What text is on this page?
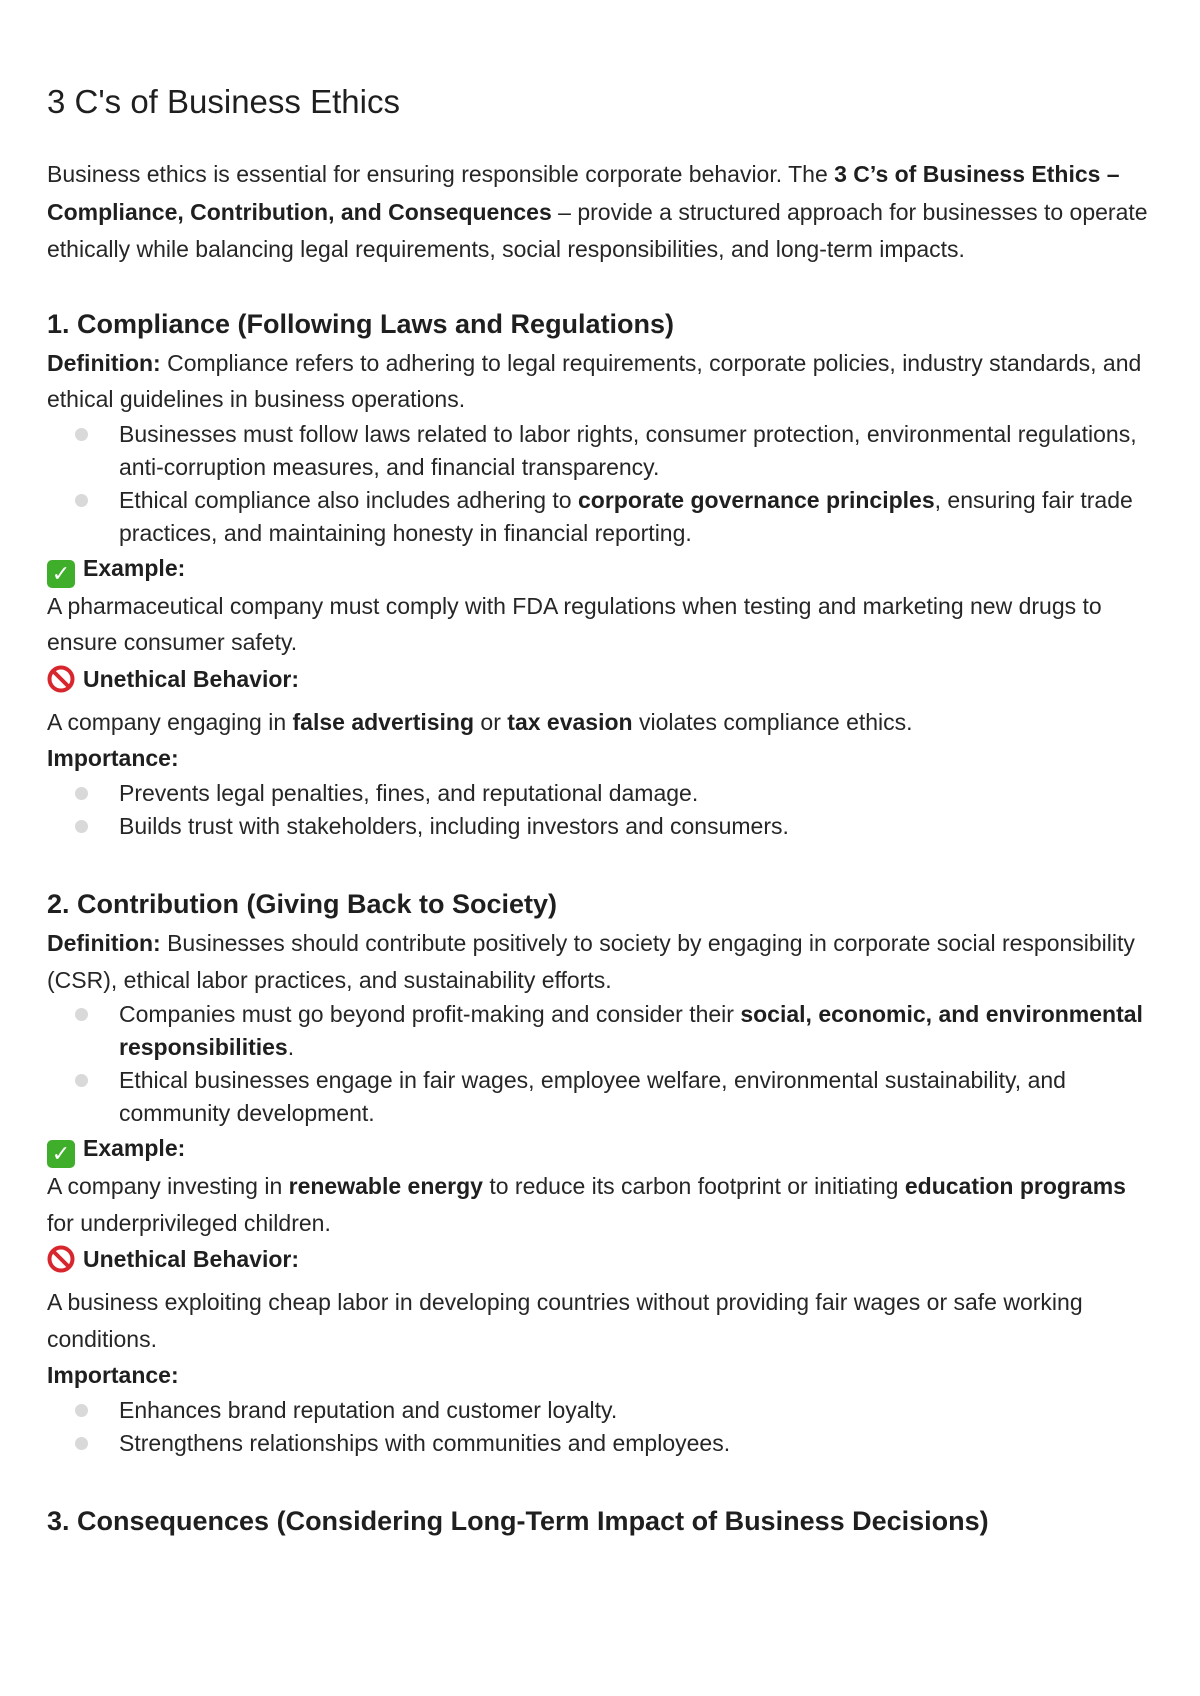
3 C's of Business Ethics

Business ethics is essential for ensuring responsible corporate behavior. The 3 C’s of Business Ethics – Compliance, Contribution, and Consequences – provide a structured approach for businesses to operate ethically while balancing legal requirements, social responsibilities, and long-term impacts.

1. Compliance (Following Laws and Regulations)

Definition: Compliance refers to adhering to legal requirements, corporate policies, industry standards, and ethical guidelines in business operations.

Businesses must follow laws related to labor rights, consumer protection, environmental regulations, anti-corruption measures, and financial transparency.
Ethical compliance also includes adhering to corporate governance principles, ensuring fair trade practices, and maintaining honesty in financial reporting.

✓ Example:

A pharmaceutical company must comply with FDA regulations when testing and marketing new drugs to ensure consumer safety.

Unethical Behavior:

A company engaging in false advertising or tax evasion violates compliance ethics.

Importance:

Prevents legal penalties, fines, and reputational damage.
Builds trust with stakeholders, including investors and consumers.
2. Contribution (Giving Back to Society)

Definition: Businesses should contribute positively to society by engaging in corporate social responsibility (CSR), ethical labor practices, and sustainability efforts.

Companies must go beyond profit-making and consider their social, economic, and environmental responsibilities.
Ethical businesses engage in fair wages, employee welfare, environmental sustainability, and community development.

✓ Example:

A company investing in renewable energy to reduce its carbon footprint or initiating education programs for underprivileged children.

Unethical Behavior:

A business exploiting cheap labor in developing countries without providing fair wages or safe working conditions.

Importance:

Enhances brand reputation and customer loyalty.
Strengthens relationships with communities and employees.
3. Consequences (Considering Long-Term Impact of Business Decisions)
